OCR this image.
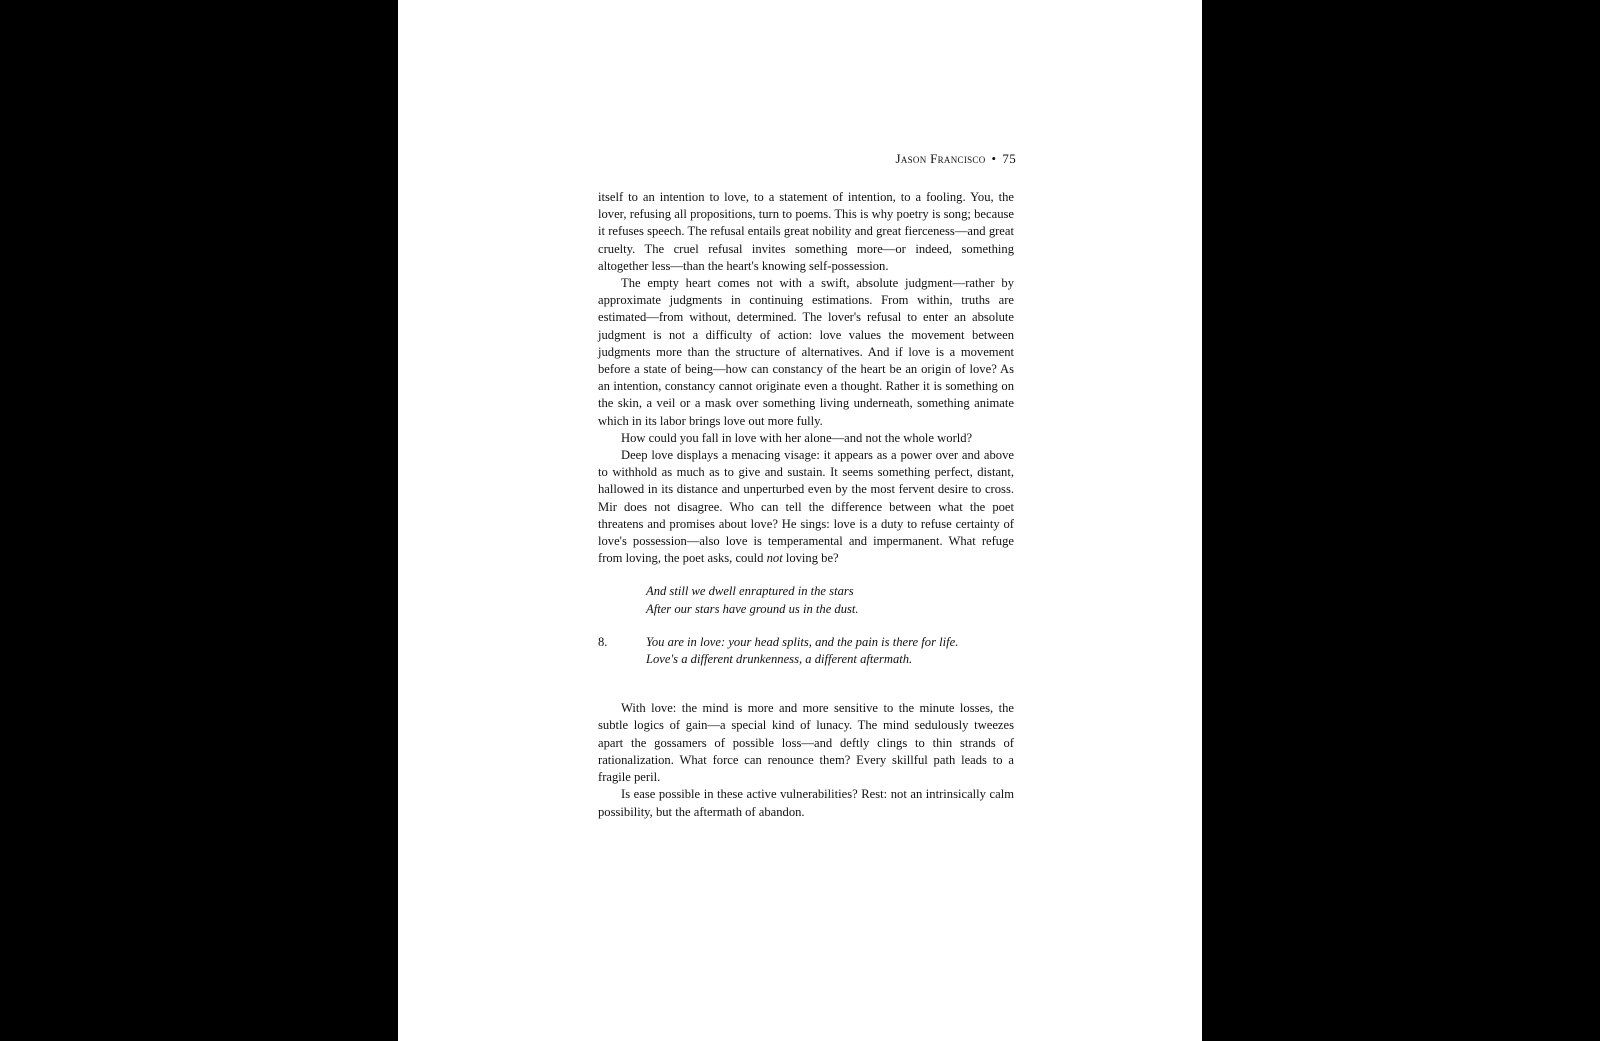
Jason Francisco • 75

itself to an intention to love, to a statement of intention, to a fooling. You, the lover, refusing all propositions, turn to poems. This is why poetry is song; because it refuses speech. The refusal entails great nobility and great fierceness—and great cruelty. The cruel refusal invites something more—or indeed, something altogether less—than the heart's knowing self-possession.

The empty heart comes not with a swift, absolute judgment—rather by approximate judgments in continuing estimations. From within, truths are estimated—from without, determined. The lover's refusal to enter an absolute judgment is not a difficulty of action: love values the movement between judgments more than the structure of alternatives. And if love is a movement before a state of being—how can constancy of the heart be an origin of love? As an intention, constancy cannot originate even a thought. Rather it is something on the skin, a veil or a mask over something living underneath, something animate which in its labor brings love out more fully.

How could you fall in love with her alone—and not the whole world?

Deep love displays a menacing visage: it appears as a power over and above to withhold as much as to give and sustain. It seems something perfect, distant, hallowed in its distance and unperturbed even by the most fervent desire to cross. Mir does not disagree. Who can tell the difference between what the poet threatens and promises about love? He sings: love is a duty to refuse certainty of love's possession—also love is temperamental and impermanent. What refuge from loving, the poet asks, could not loving be?

And still we dwell enraptured in the stars
After our stars have ground us in the dust.
8.	You are in love: your head splits, and the pain is there for life.
Love's a different drunkenness, a different aftermath.

With love: the mind is more and more sensitive to the minute losses, the subtle logics of gain—a special kind of lunacy. The mind sedulously tweezes apart the gossamers of possible loss—and deftly clings to thin strands of rationalization. What force can renounce them? Every skillful path leads to a fragile peril.

Is ease possible in these active vulnerabilities? Rest: not an intrinsically calm possibility, but the aftermath of abandon.
